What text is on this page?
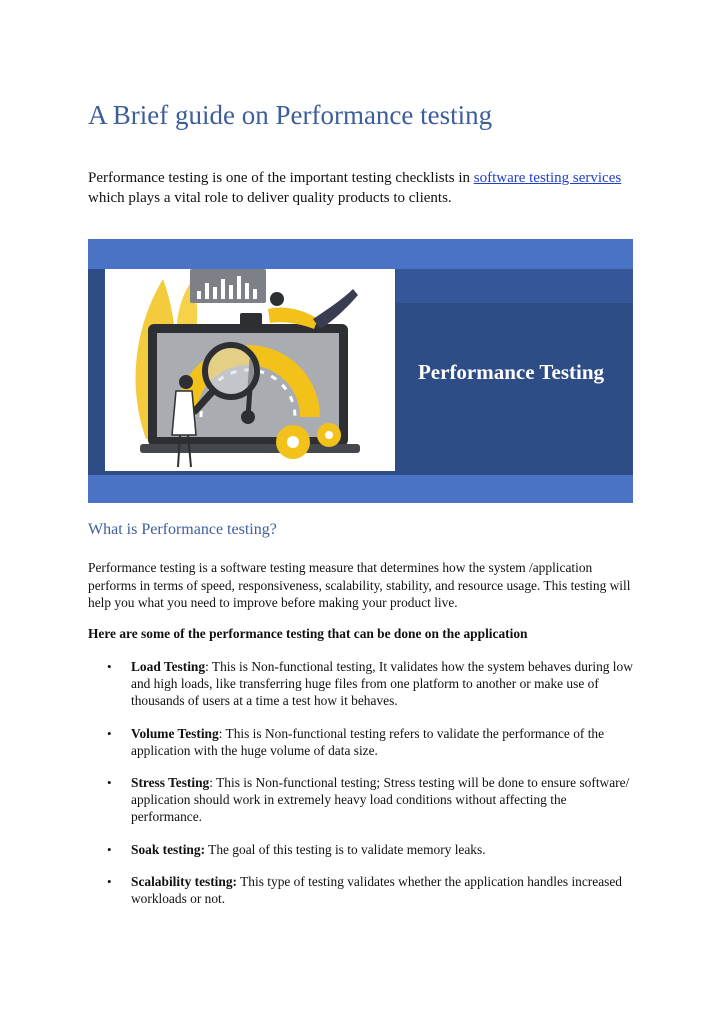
A Brief guide on Performance testing

Performance testing is one of the important testing checklists in software testing services which plays a vital role to deliver quality products to clients.

Performance Testing
What is Performance testing?

Performance testing is a software testing measure that determines how the system /application performs in terms of speed, responsiveness, scalability, stability, and resource usage. This testing will help you what you need to improve before making your product live.

Here are some of the performance testing that can be done on the application

• Load Testing: This is Non-functional testing, It validates how the system behaves during low and high loads, like transferring huge files from one platform to another or make use of thousands of users at a time a test how it behaves.
• Volume Testing: This is Non-functional testing refers to validate the performance of the application with the huge volume of data size.
• Stress Testing: This is Non-functional testing; Stress testing will be done to ensure software/ application should work in extremely heavy load conditions without affecting the performance.
• Soak testing: The goal of this testing is to validate memory leaks.
• Scalability testing: This type of testing validates whether the application handles increased workloads or not.
